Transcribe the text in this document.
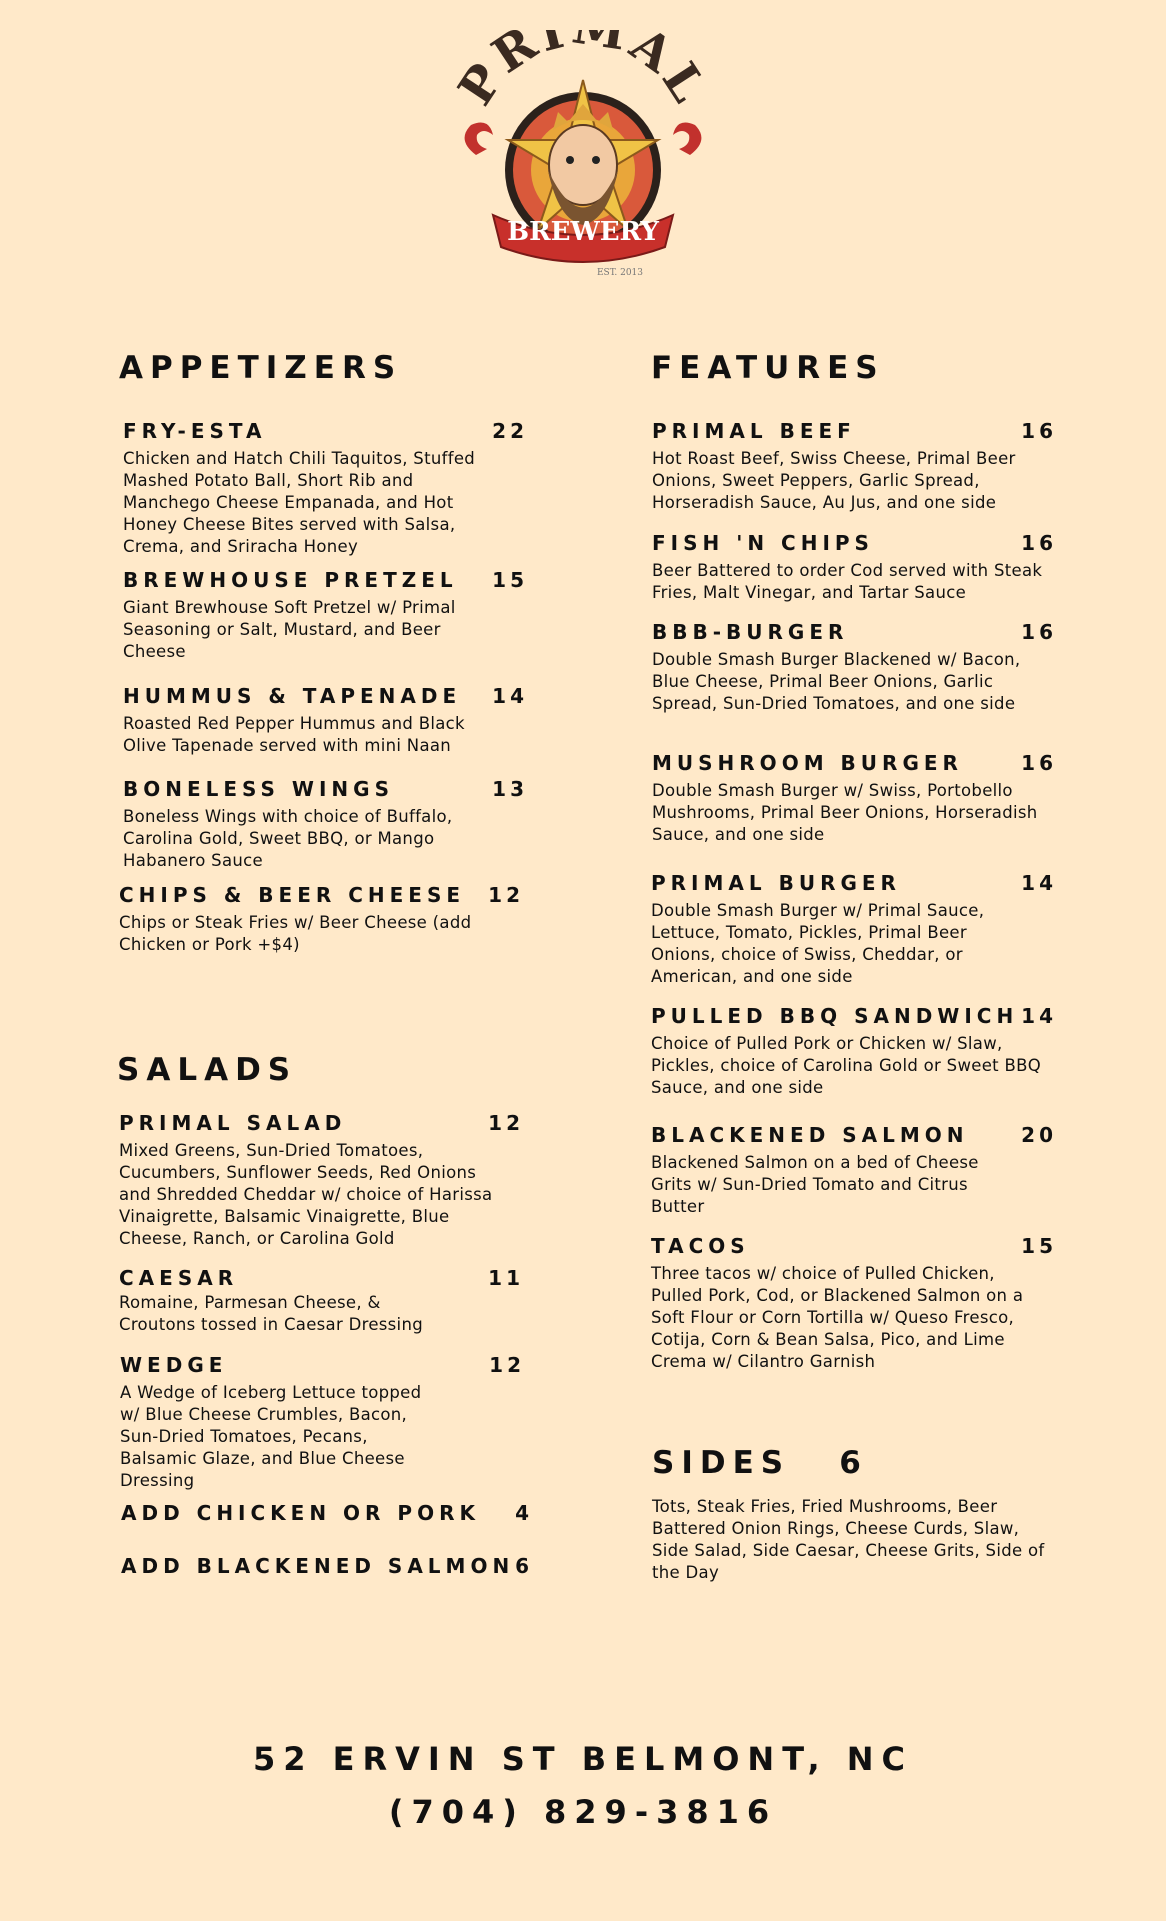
PRIMAL
BREWERY
EST. 2013
APPETIZERS
FRY-ESTA	22
Chicken and Hatch Chili Taquitos, Stuffed Mashed Potato Ball, Short Rib and Manchego Cheese Empanada, and Hot Honey Cheese Bites served with Salsa, Crema, and Sriracha Honey
BREWHOUSE PRETZEL 15
Giant Brewhouse Soft Pretzel w/ Primal Seasoning or Salt, Mustard, and Beer Cheese
HUMMUS & TAPENADE 14
Roasted Red Pepper Hummus and Black Olive Tapenade served with mini Naan
BONELESS WINGS	13
Boneless Wings with choice of Buffalo, Carolina Gold, Sweet BBQ, or Mango Habanero Sauce
CHIPS & BEER CHEESE 12
Chips or Steak Fries w/ Beer Cheese (add Chicken or Pork +$4)
SALADS
PRIMAL SALAD	12
Mixed Greens, Sun-Dried Tomatoes, Cucumbers, Sunflower Seeds, Red Onions and Shredded Cheddar w/ choice of Harissa Vinaigrette, Balsamic Vinaigrette, Blue Cheese, Ranch, or Carolina Gold
CAESAR	11
Romaine, Parmesan Cheese, & Croutons tossed in Caesar Dressing
WEDGE	12
A Wedge of Iceberg Lettuce topped w/ Blue Cheese Crumbles, Bacon, Sun-Dried Tomatoes, Pecans, Balsamic Glaze, and Blue Cheese Dressing
ADD CHICKEN OR PORK 4
ADD BLACKENED SALMON 6
FEATURES
PRIMAL BEEF	16
Hot Roast Beef, Swiss Cheese, Primal Beer Onions, Sweet Peppers, Garlic Spread, Horseradish Sauce, Au Jus, and one side
FISH 'N CHIPS	16
Beer Battered to order Cod served with Steak Fries, Malt Vinegar, and Tartar Sauce
BBB-BURGER	16
Double Smash Burger Blackened w/ Bacon, Blue Cheese, Primal Beer Onions, Garlic Spread, Sun-Dried Tomatoes, and one side
MUSHROOM BURGER	16
Double Smash Burger w/ Swiss, Portobello Mushrooms, Primal Beer Onions, Horseradish Sauce, and one side
PRIMAL BURGER	14
Double Smash Burger w/ Primal Sauce, Lettuce, Tomato, Pickles, Primal Beer Onions, choice of Swiss, Cheddar, or American, and one side
PULLED BBQ SANDWICH 14
Choice of Pulled Pork or Chicken w/ Slaw, Pickles, choice of Carolina Gold or Sweet BBQ Sauce, and one side
BLACKENED SALMON	20
Blackened Salmon on a bed of Cheese Grits w/ Sun-Dried Tomato and Citrus Butter
TACOS	15
Three tacos w/ choice of Pulled Chicken, Pulled Pork, Cod, or Blackened Salmon on a Soft Flour or Corn Tortilla w/ Queso Fresco, Cotija, Corn & Bean Salsa, Pico, and Lime Crema w/ Cilantro Garnish
SIDES 6
Tots, Steak Fries, Fried Mushrooms, Beer Battered Onion Rings, Cheese Curds, Slaw, Side Salad, Side Caesar, Cheese Grits, Side of the Day
52 ERVIN ST BELMONT, NC
(704) 829-3816
